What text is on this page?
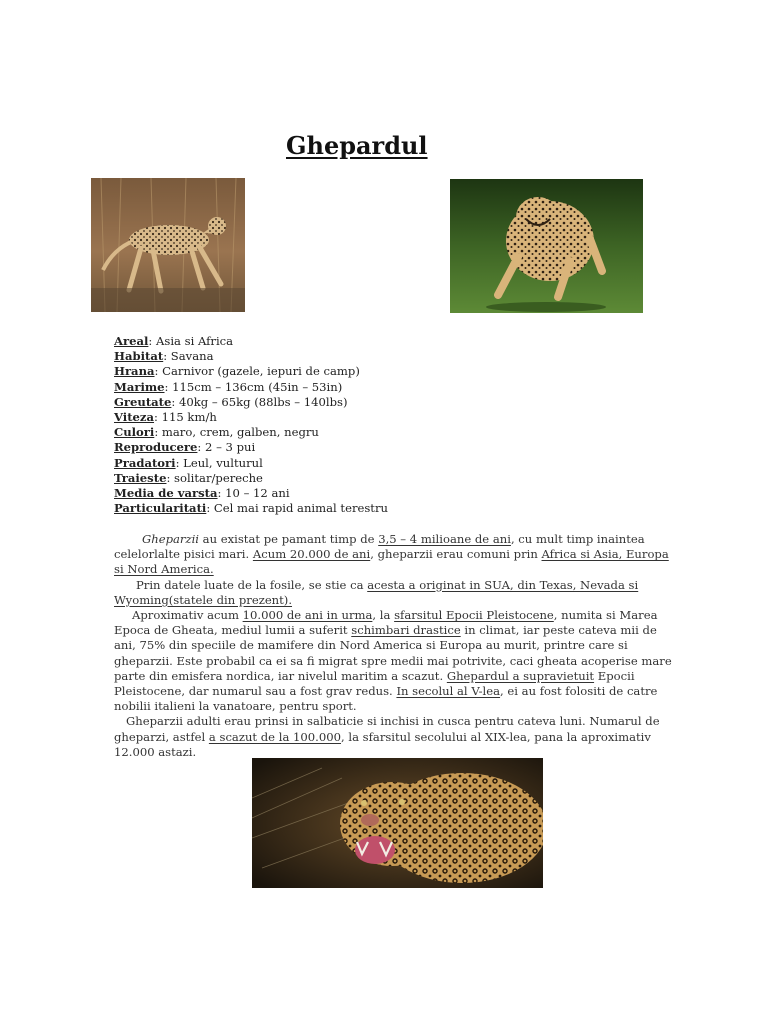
Ghepardul
Areal: Asia si Africa
Habitat: Savana
Hrana: Carnivor (gazele, iepuri de camp)
Marime: 115cm – 136cm (45in – 53in)
Greutate: 40kg – 65kg (88lbs – 140lbs)
Viteza: 115 km/h
Culori: maro, crem, galben, negru
Reproducere: 2 – 3 pui
Pradatori: Leul, vulturul
Traieste: solitar/pereche
Media de varsta: 10 – 12 ani
Particularitati: Cel mai rapid animal terestru

Gheparzii au existat pe pamant timp de 3,5 – 4 milioane de ani, cu mult timp inaintea celelorlalte pisici mari. Acum 20.000 de ani, gheparzii erau comuni prin Africa si Asia, Europa si Nord America.

Prin datele luate de la fosile, se stie ca acesta a originat in SUA, din Texas, Nevada si Wyoming(statele din prezent).

Aproximativ acum 10.000 de ani in urma, la sfarsitul Epocii Pleistocene, numita si Marea Epoca de Gheata, mediul lumii a suferit schimbari drastice in climat, iar peste cateva mii de ani, 75% din speciile de mamifere din Nord America si Europa au murit, printre care si gheparzii. Este probabil ca ei sa fi migrat spre medii mai potrivite, caci gheata acoperise mare parte din emisfera nordica, iar nivelul maritim a scazut. Ghepardul a supravietuit Epocii Pleistocene, dar numarul sau a fost grav redus. In secolul al V-lea, ei au fost folositi de catre nobilii italieni la vanatoare, pentru sport.

Gheparzii adulti erau prinsi in salbaticie si inchisi in cusca pentru cateva luni. Numarul de gheparzi, astfel a scazut de la 100.000, la sfarsitul secolului al XIX-lea, pana la aproximativ 12.000 astazi.
